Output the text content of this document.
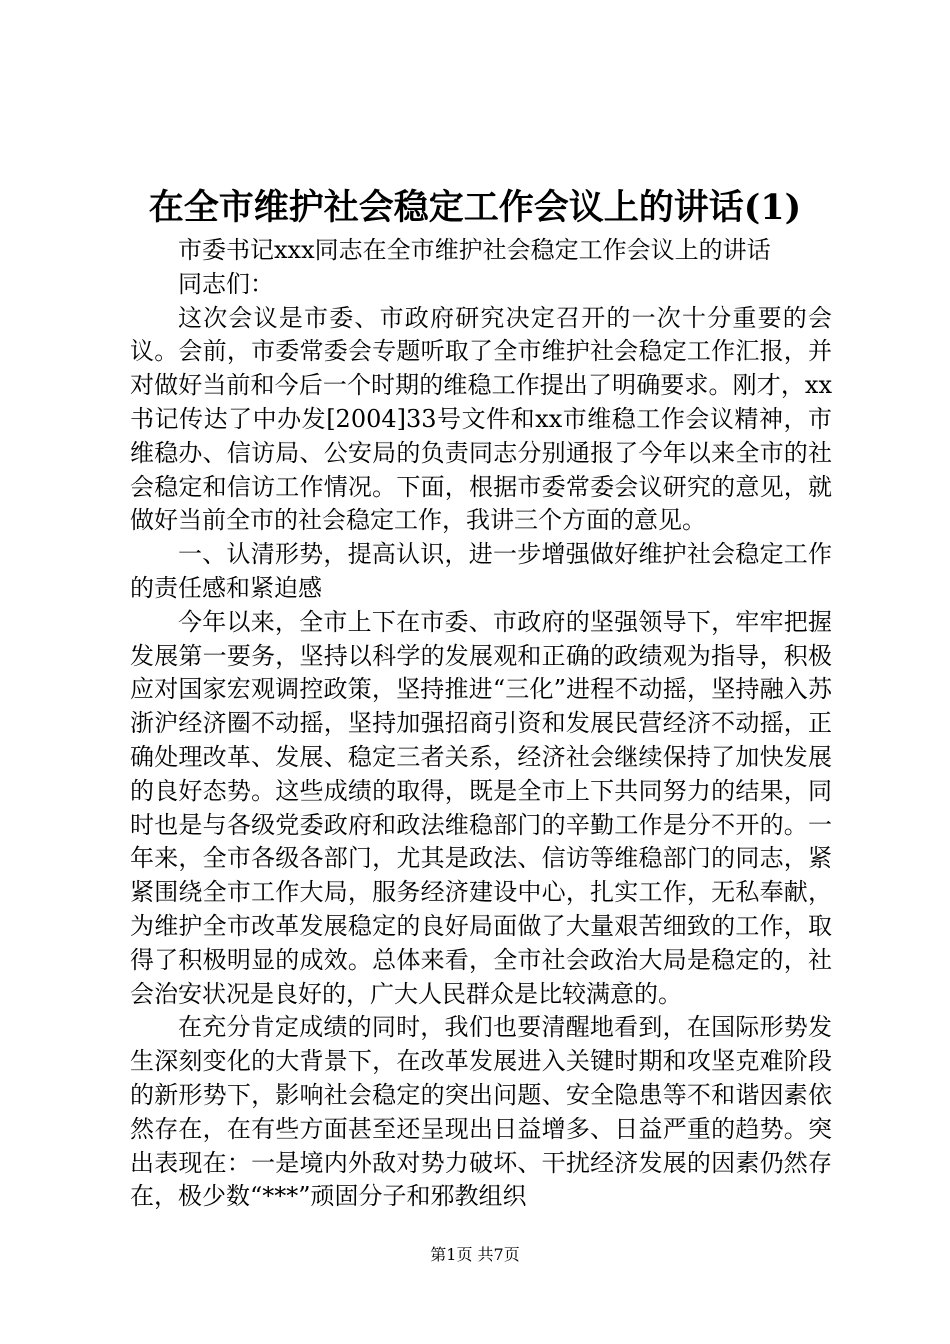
在全市维护社会稳定工作会议上的讲话(1)

市委书记xxx同志在全市维护社会稳定工作会议上的讲话

同志们：

这次会议是市委、市政府研究决定召开的一次十分重要的会议。会前，市委常委会专题听取了全市维护社会稳定工作汇报，并对做好当前和今后一个时期的维稳工作提出了明确要求。刚才，xx书记传达了中办发[2004]33号文件和xx市维稳工作会议精神，市维稳办、信访局、公安局的负责同志分别通报了今年以来全市的社会稳定和信访工作情况。下面，根据市委常委会议研究的意见，就做好当前全市的社会稳定工作，我讲三个方面的意见。

一、认清形势，提高认识，进一步增强做好维护社会稳定工作的责任感和紧迫感

今年以来，全市上下在市委、市政府的坚强领导下，牢牢把握发展第一要务，坚持以科学的发展观和正确的政绩观为指导，积极应对国家宏观调控政策，坚持推进“三化”进程不动摇，坚持融入苏浙沪经济圈不动摇，坚持加强招商引资和发展民营经济不动摇，正确处理改革、发展、稳定三者关系，经济社会继续保持了加快发展的良好态势。这些成绩的取得，既是全市上下共同努力的结果，同时也是与各级党委政府和政法维稳部门的辛勤工作是分不开的。一年来，全市各级各部门，尤其是政法、信访等维稳部门的同志，紧紧围绕全市工作大局，服务经济建设中心，扎实工作，无私奉献，为维护全市改革发展稳定的良好局面做了大量艰苦细致的工作，取得了积极明显的成效。总体来看，全市社会政治大局是稳定的，社会治安状况是良好的，广大人民群众是比较满意的。

在充分肯定成绩的同时，我们也要清醒地看到，在国际形势发生深刻变化的大背景下，在改革发展进入关键时期和攻坚克难阶段的新形势下，影响社会稳定的突出问题、安全隐患等不和谐因素依然存在，在有些方面甚至还呈现出日益增多、日益严重的趋势。突出表现在：一是境内外敌对势力破坏、干扰经济发展的因素仍然存在，极少数“***”顽固分子和邪教组织

第1页 共7页
